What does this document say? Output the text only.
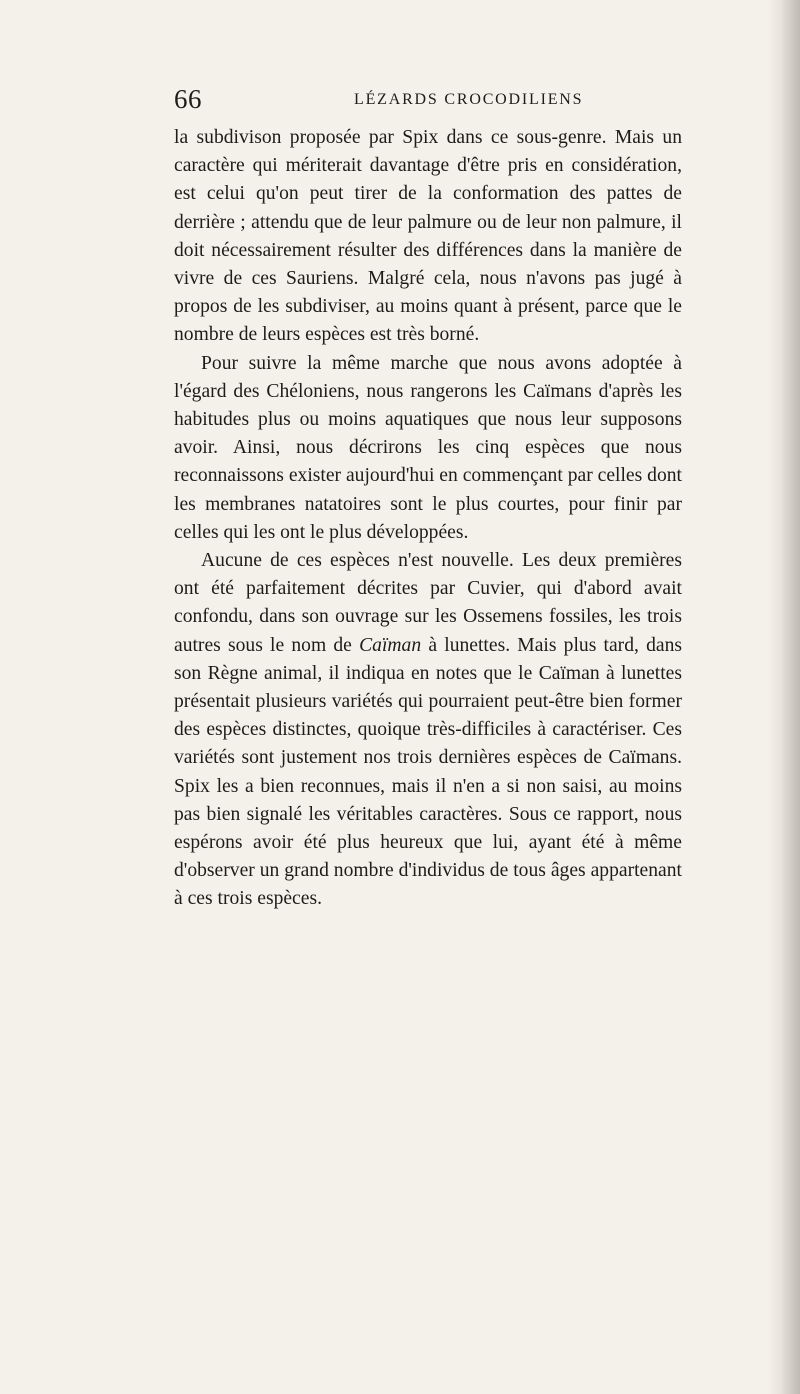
66	LÉZARDS CROCODILIENS

la subdivison proposée par Spix dans ce sous-genre. Mais un caractère qui mériterait davantage d'être pris en considération, est celui qu'on peut tirer de la conformation des pattes de derrière ; attendu que de leur palmure ou de leur non palmure, il doit nécessairement résulter des différences dans la manière de vivre de ces Sauriens. Malgré cela, nous n'avons pas jugé à propos de les subdiviser, au moins quant à présent, parce que le nombre de leurs espèces est très borné.

Pour suivre la même marche que nous avons adoptée à l'égard des Chéloniens, nous rangerons les Caïmans d'après les habitudes plus ou moins aquatiques que nous leur supposons avoir. Ainsi, nous décrirons les cinq espèces que nous reconnaissons exister aujourd'hui en commençant par celles dont les membranes natatoires sont le plus courtes, pour finir par celles qui les ont le plus développées.

Aucune de ces espèces n'est nouvelle. Les deux premières ont été parfaitement décrites par Cuvier, qui d'abord avait confondu, dans son ouvrage sur les Ossemens fossiles, les trois autres sous le nom de Caïman à lunettes. Mais plus tard, dans son Règne animal, il indiqua en notes que le Caïman à lunettes présentait plusieurs variétés qui pourraient peut-être bien former des espèces distinctes, quoique très-difficiles à caractériser. Ces variétés sont justement nos trois dernières espèces de Caïmans. Spix les a bien reconnues, mais il n'en a si non saisi, au moins pas bien signalé les véritables caractères. Sous ce rapport, nous espérons avoir été plus heureux que lui, ayant été à même d'observer un grand nombre d'individus de tous âges appartenant à ces trois espèces.
